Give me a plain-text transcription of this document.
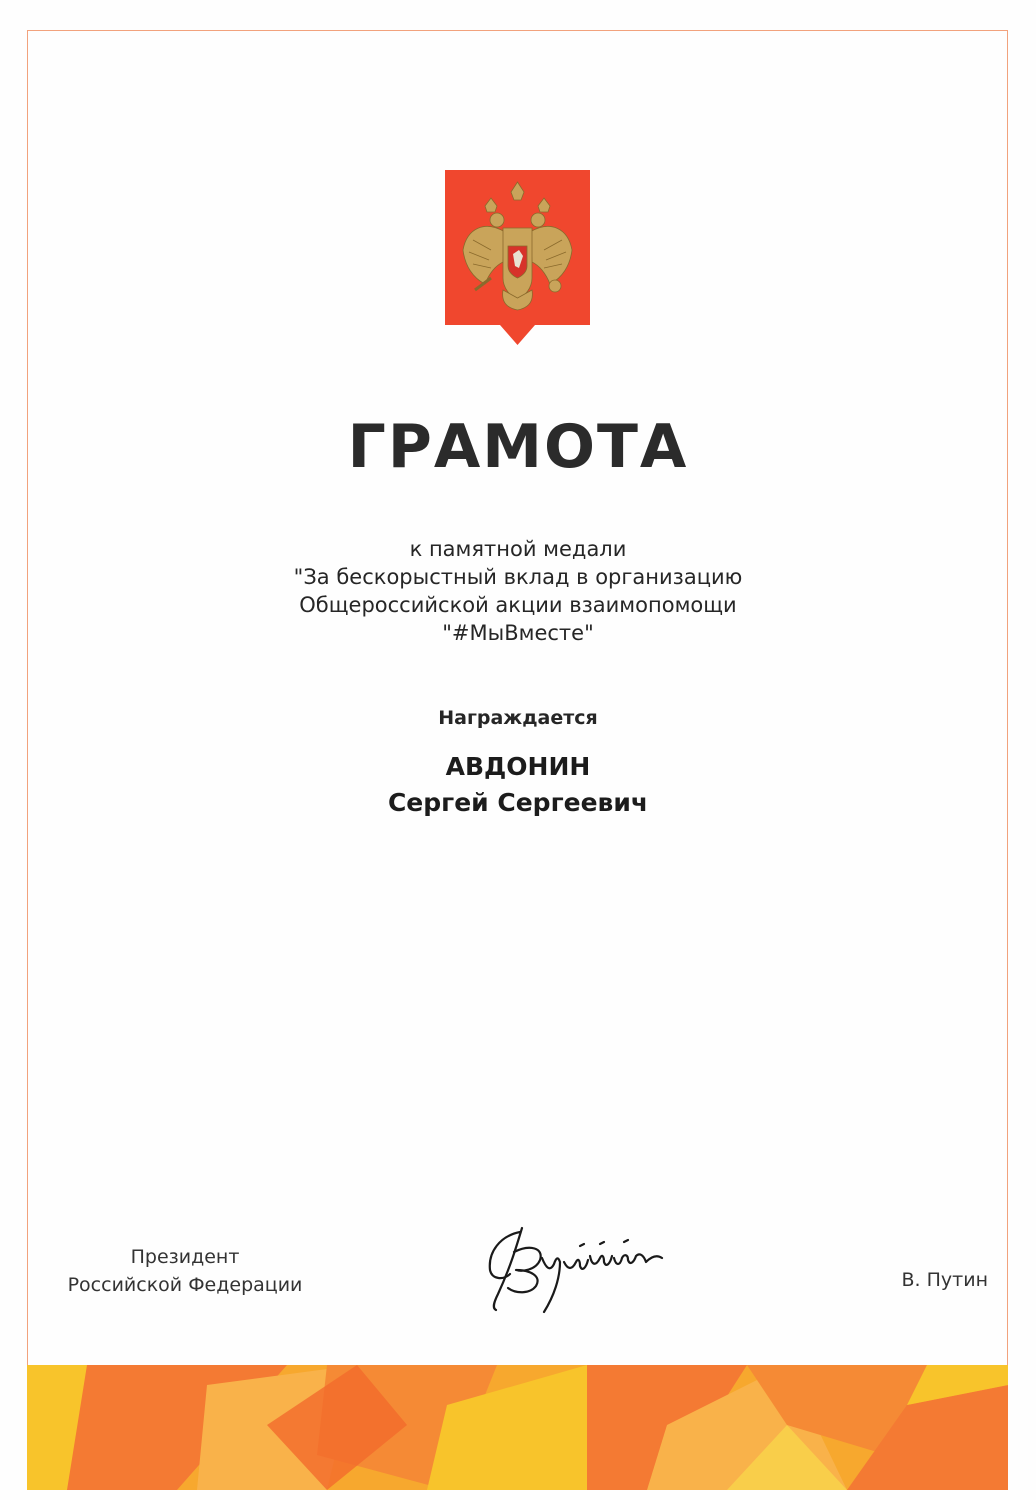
ГРАМОТА
к памятной медали
"За бескорыстный вклад в организацию
Общероссийской акции взаимопомощи
"#МыВместе"
Награждается
АВДОНИН
Сергей Сергеевич
Президент
Российской Федерации	В. Путин
